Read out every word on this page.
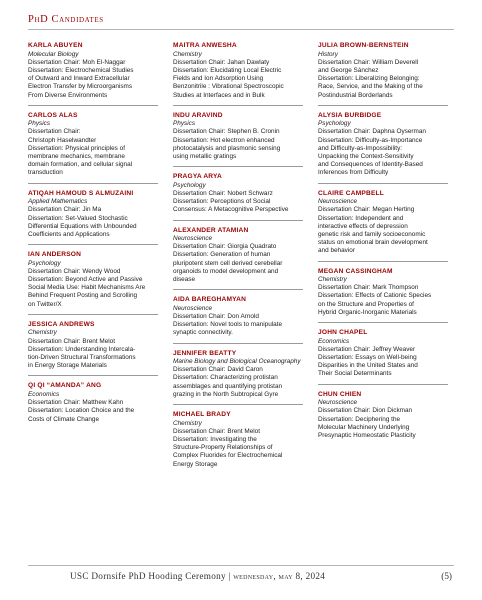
PhD Candidates
KARLA ABUYEN
Molecular Biology
Dissertation Chair: Moh El-Naggar
Dissertation: Electrochemical Studies
of Outward and Inward Extracellular
Electron Transfer by Microorganisms
From Diverse Environments
CARLOS ALAS
Physics
Dissertation Chair:
Christoph Haselwandter
Dissertation: Physical principles of
membrane mechanics, membrane
domain formation, and cellular signal
transduction
ATIQAH HAMOUD S ALMUZAINI
Applied Mathematics
Dissertation Chair: Jin Ma
Dissertation: Set-Valued Stochastic
Differential Equations with Unbounded
Coefficients and Applications
IAN ANDERSON
Psychology
Dissertation Chair: Wendy Wood
Dissertation: Beyond Active and Passive
Social Media Use: Habit Mechanisms Are
Behind Frequent Posting and Scrolling
on Twitter/X
JESSICA ANDREWS
Chemistry
Dissertation Chair: Brent Melot
Dissertation: Understanding Intercala-
tion-Driven Structural Transformations
in Energy Storage Materials
QI QI “AMANDA” ANG
Economics
Dissertation Chair: Matthew Kahn
Dissertation: Location Choice and the
Costs of Climate Change
MAITRA ANWESHA
Chemistry
Dissertation Chair: Jahan Dawlaty
Dissertation: Elucidating Local Electric
Fields and Ion Adsorption Using
Benzonitrile : Vibrational Spectroscopic
Studies at Interfaces and in Bulk
INDU ARAVIND
Physics
Dissertation Chair: Stephen B. Cronin
Dissertation: Hot electron enhanced
photocatalysis and plasmonic sensing
using metallic gratings
PRAGYA ARYA
Psychology
Dissertation Chair: Nobert Schwarz
Dissertation: Perceptions of Social
Consensus: A Metacognitive Perspective
ALEXANDER ATAMIAN
Neuroscience
Dissertation Chair: Giorgia Quadrato
Dissertation: Generation of human
pluripotent stem cell derived cerebellar
organoids to model development and
disease
AIDA BAREGHAMYAN
Neuroscience
Dissertation Chair: Don Arnold
Dissertation: Novel tools to manipulate
synaptic connectivity.
JENNIFER BEATTY
Marine Biology and Biological Oceanography
Dissertation Chair: David Caron
Dissertation: Characterizing protistan
assemblages and quantifying protistan
grazing in the North Subtropical Gyre
MICHAEL BRADY
Chemistry
Dissertation Chair: Brent Melot
Dissertation: Investigating the
Structure-Property Relationships of
Complex Fluorides for Electrochemical
Energy Storage
JULIA BROWN-BERNSTEIN
History
Dissertation Chair: William Deverell
and George Sánchez
Dissertation: Liberalizing Belonging:
Race, Service, and the Making of the
Postindustrial Borderlands
ALYSIA BURBIDGE
Psychology
Dissertation Chair: Daphna Oyserman
Dissertation: Difficulty-as-Importance
and Difficulty-as-Impossibility:
Unpacking the Context-Sensitivity
and Consequences of Identity-Based
Inferences from Difficulty
CLAIRE CAMPBELL
Neuroscience
Dissertation Chair: Megan Herting
Dissertation: Independent and
interactive effects of depression
genetic risk and family socioeconomic
status on emotional brain development
and behavior
MEGAN CASSINGHAM
Chemistry
Dissertation Chair: Mark Thompson
Dissertation: Effects of Cationic Species
on the Structure and Properties of
Hybrid Organic-Inorganic Materials
JOHN CHAPEL
Economics
Dissertation Chair: Jeffrey Weaver
Dissertation: Essays on Well-being
Disparities in the United States and
Their Social Determinants
CHUN CHIEN
Neuroscience
Dissertation Chair: Dion Dickman
Dissertation: Deciphering the
Molecular Machinery Underlying
Presynaptic Homeostatic Plasticity
USC Dornsife PhD Hooding Ceremony | wednesday, may 8, 2024	(5)
